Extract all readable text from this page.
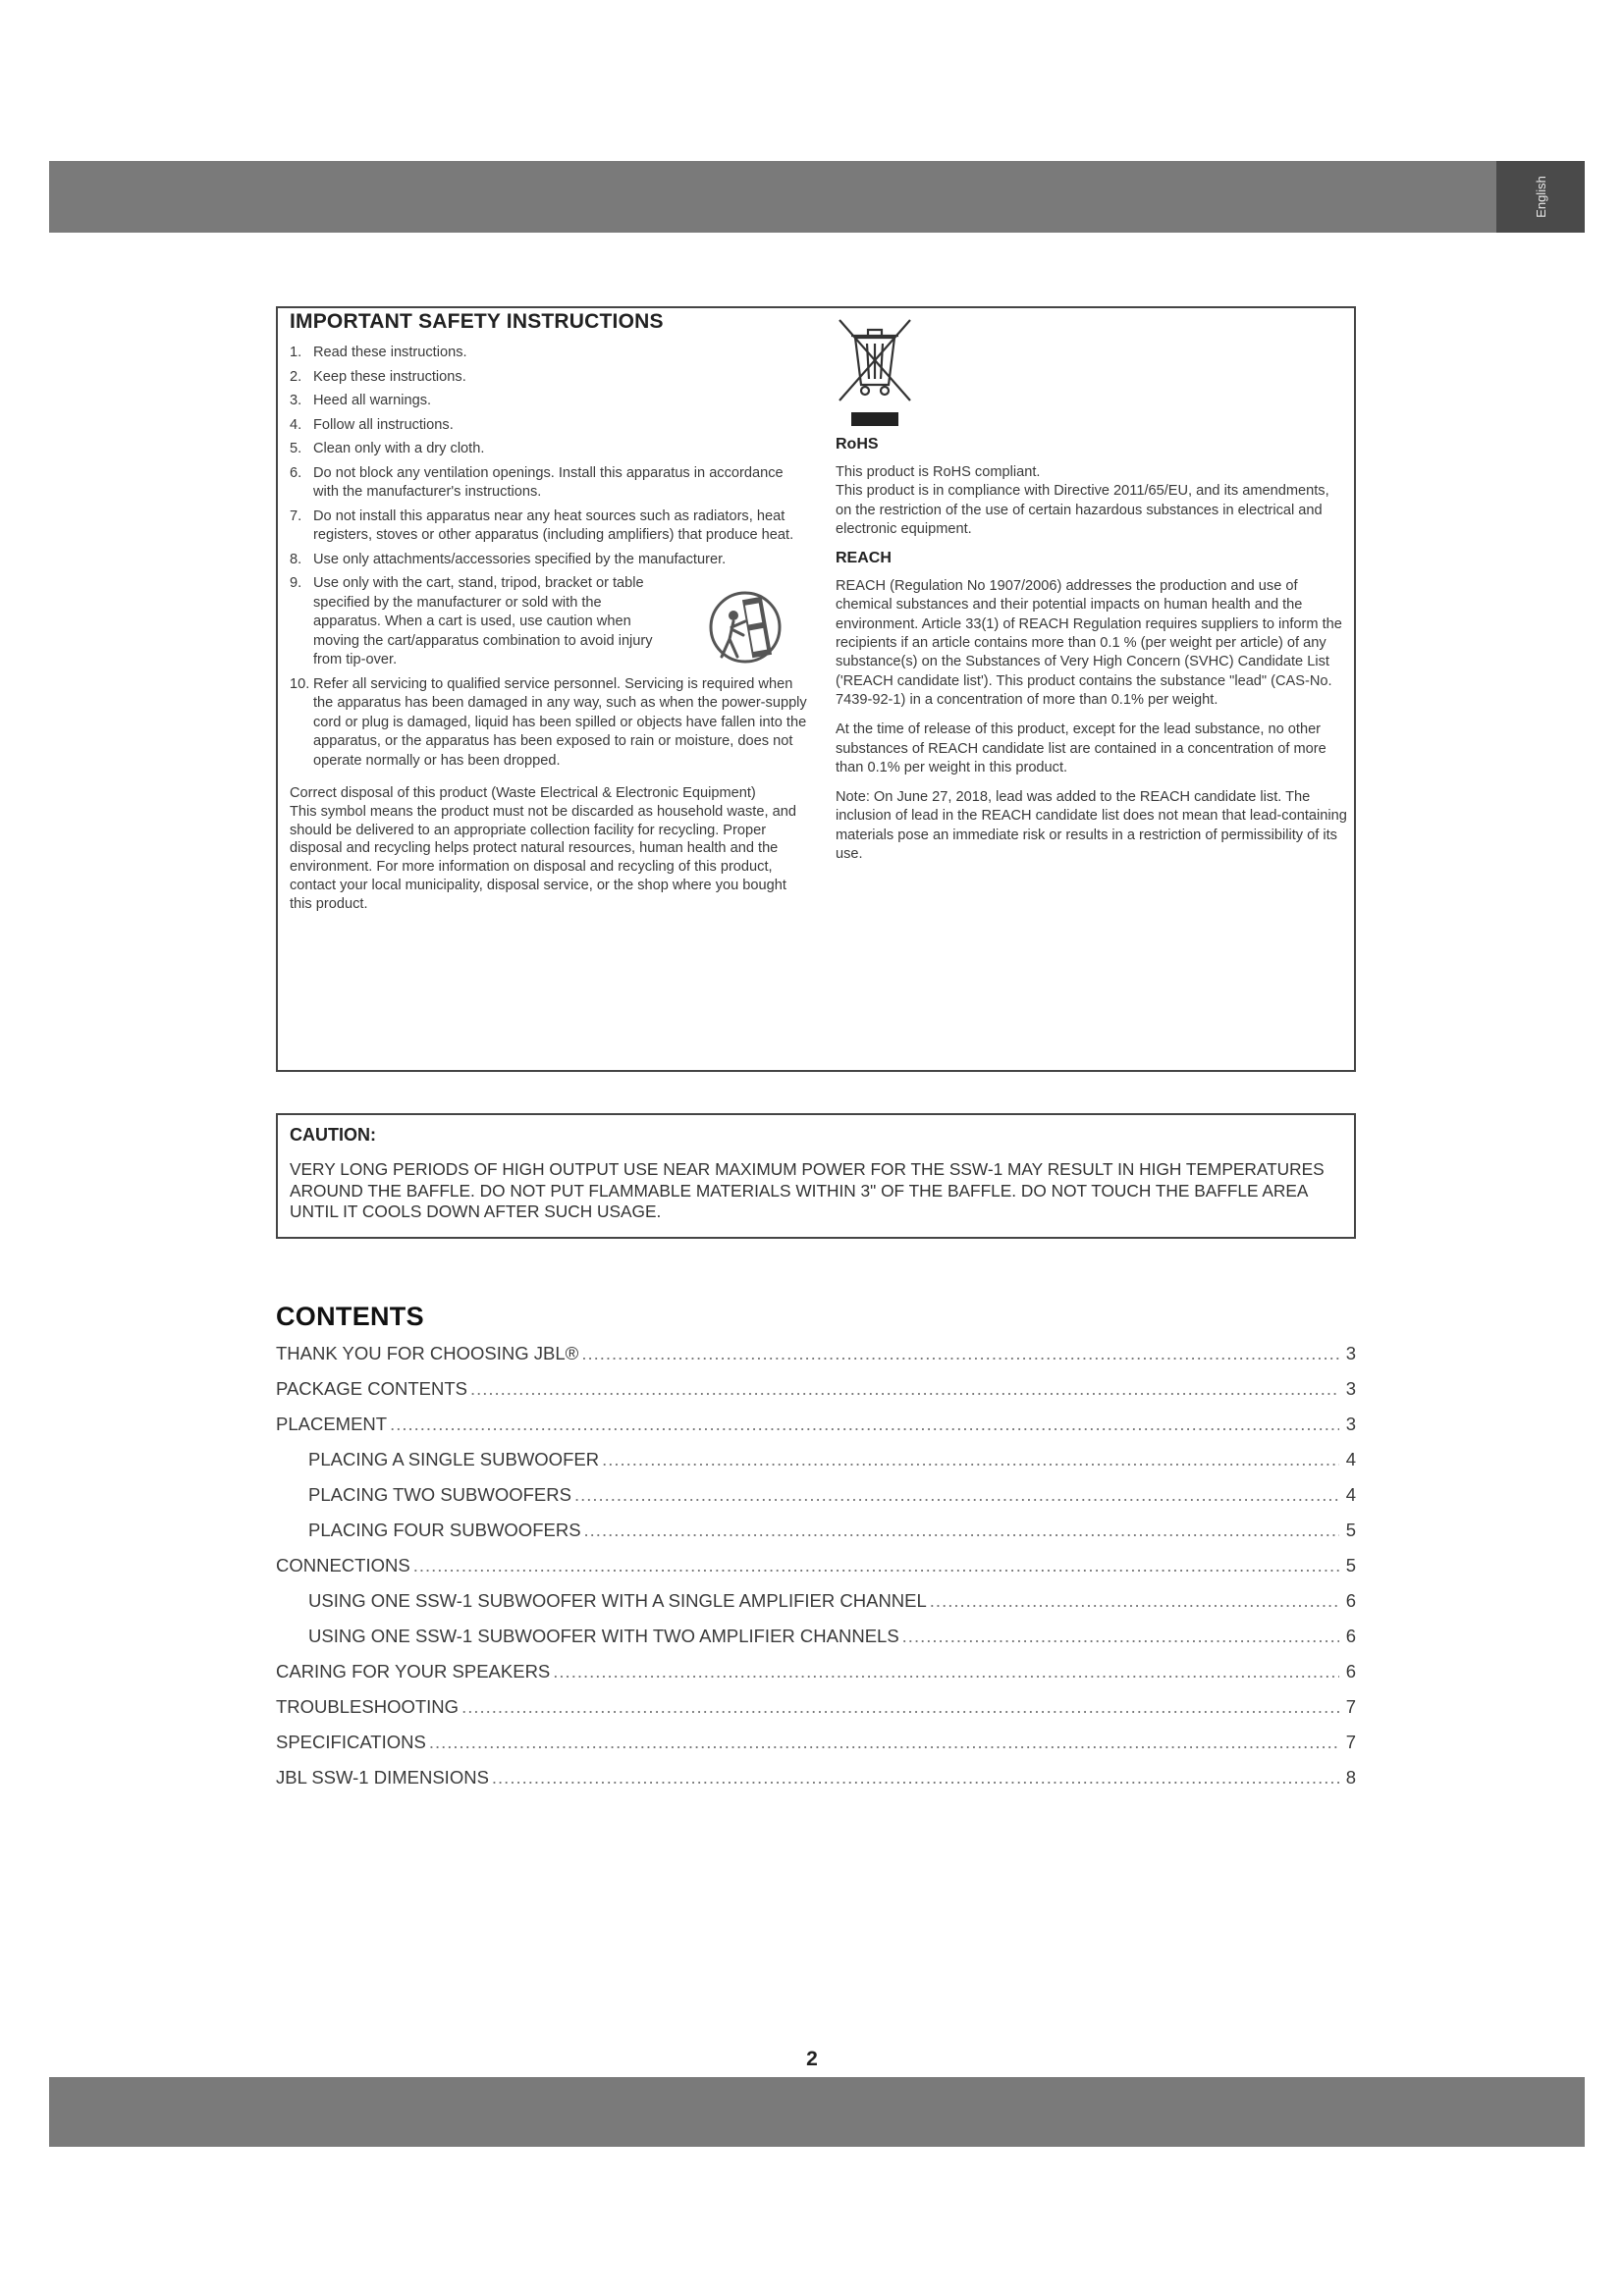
English
IMPORTANT SAFETY INSTRUCTIONS
1. Read these instructions.
2. Keep these instructions.
3. Heed all warnings.
4. Follow all instructions.
5. Clean only with a dry cloth.
6. Do not block any ventilation openings. Install this apparatus in accordance with the manufacturer's instructions.
7. Do not install this apparatus near any heat sources such as radiators, heat registers, stoves or other apparatus (including amplifiers) that produce heat.
8. Use only attachments/accessories specified by the manufacturer.
9. Use only with the cart, stand, tripod, bracket or table specified by the manufacturer or sold with the apparatus. When a cart is used, use caution when moving the cart/apparatus combination to avoid injury from tip-over.
10. Refer all servicing to qualified service personnel. Servicing is required when the apparatus has been damaged in any way, such as when the power-supply cord or plug is damaged, liquid has been spilled or objects have fallen into the apparatus, or the apparatus has been exposed to rain or moisture, does not operate normally or has been dropped.

Correct disposal of this product (Waste Electrical & Electronic Equipment)

This symbol means the product must not be discarded as household waste, and should be delivered to an appropriate collection facility for recycling. Proper disposal and recycling helps protect natural resources, human health and the environment. For more information on disposal and recycling of this product, contact your local municipality, disposal service, or the shop where you bought this product.

RoHS

This product is RoHS compliant.

This product is in compliance with Directive 2011/65/EU, and its amendments, on the restriction of the use of certain hazardous substances in electrical and electronic equipment.

REACH

REACH (Regulation No 1907/2006) addresses the production and use of chemical substances and their potential impacts on human health and the environment. Article 33(1) of REACH Regulation requires suppliers to inform the recipients if an article contains more than 0.1 % (per weight per article) of any substance(s) on the Substances of Very High Concern (SVHC) Candidate List ('REACH candidate list'). This product contains the substance "lead" (CAS-No. 7439-92-1) in a concentration of more than 0.1% per weight.

At the time of release of this product, except for the lead substance, no other substances of REACH candidate list are contained in a concentration of more than 0.1% per weight in this product.

Note: On June 27, 2018, lead was added to the REACH candidate list. The inclusion of lead in the REACH candidate list does not mean that lead-containing materials pose an immediate risk or results in a restriction of permissibility of its use.

CAUTION:

VERY LONG PERIODS OF HIGH OUTPUT USE NEAR MAXIMUM POWER FOR THE SSW-1 MAY RESULT IN HIGH TEMPERATURES AROUND THE BAFFLE. DO NOT PUT FLAMMABLE MATERIALS WITHIN 3" OF THE BAFFLE. DO NOT TOUCH THE BAFFLE AREA UNTIL IT COOLS DOWN AFTER SUCH USAGE.

CONTENTS
THANK YOU FOR CHOOSING JBL® .....	3
PACKAGE CONTENTS .....	3
PLACEMENT .....	3
PLACING A SINGLE SUBWOOFER .....	4
PLACING TWO SUBWOOFERS .....	4
PLACING FOUR SUBWOOFERS .....	5
CONNECTIONS .....	5
USING ONE SSW-1 SUBWOOFER WITH A SINGLE AMPLIFIER CHANNEL .....	6
USING ONE SSW-1 SUBWOOFER WITH TWO AMPLIFIER CHANNELS .....	6
CARING FOR YOUR SPEAKERS .....	6
TROUBLESHOOTING .....	7
SPECIFICATIONS .....	7
JBL SSW-1 DIMENSIONS .....	8
2
